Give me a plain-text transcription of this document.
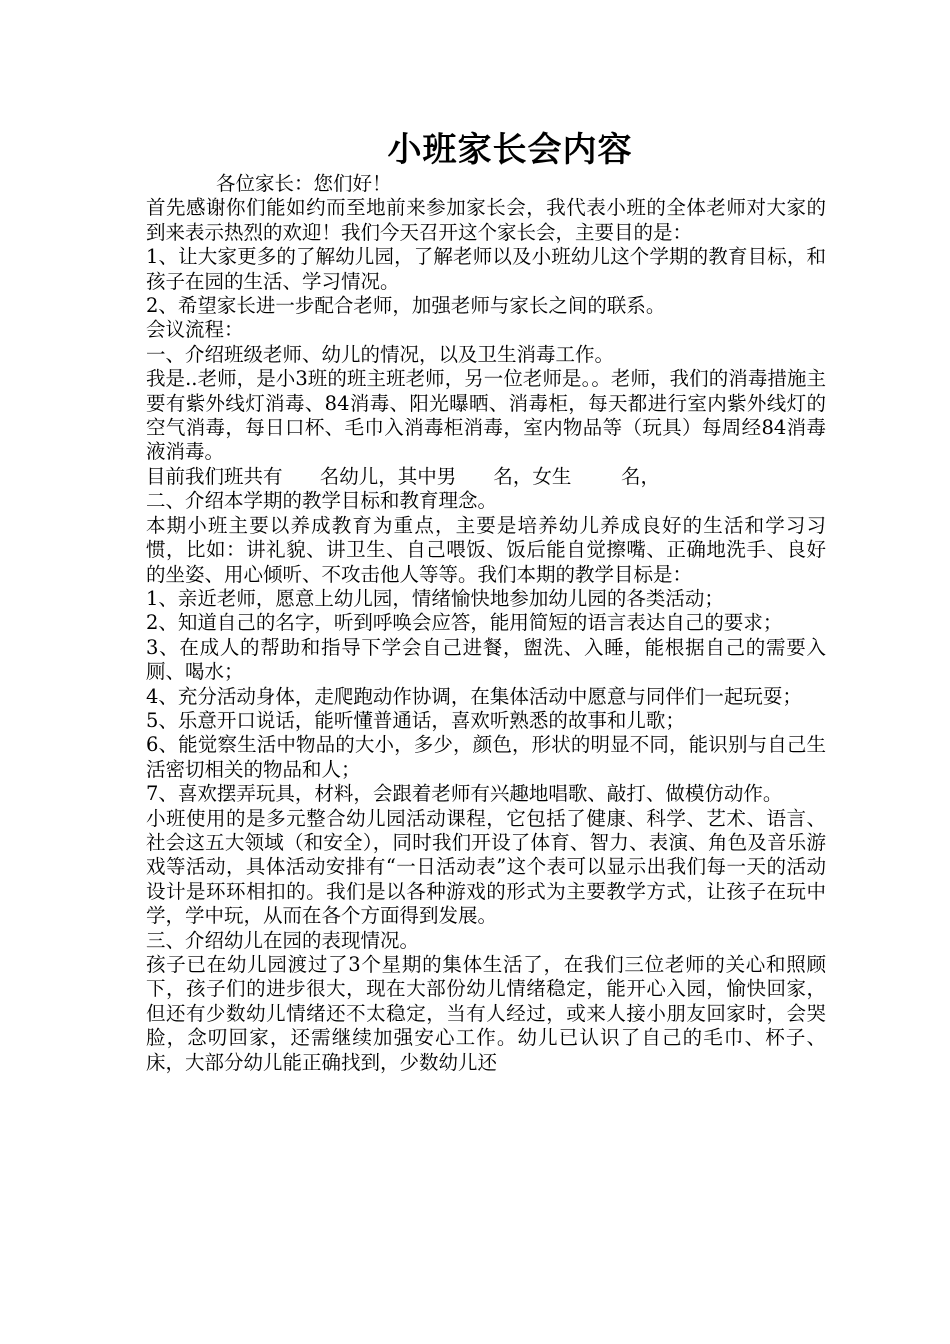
小班家长会内容
各位家长：您们好！
首先感谢你们能如约而至地前来参加家长会，我代表小班的全体老师对大家的到来表示热烈的欢迎！我们今天召开这个家长会，主要目的是：
1、让大家更多的了解幼儿园，了解老师以及小班幼儿这个学期的教育目标，和孩子在园的生活、学习情况。
2、希望家长进一步配合老师，加强老师与家长之间的联系。
会议流程：
一、介绍班级老师、幼儿的情况，以及卫生消毒工作。
我是..老师，是小3班的班主班老师，另一位老师是。。老师，我们的消毒措施主要有紫外线灯消毒、84消毒、阳光曝晒、消毒柜，每天都进行室内紫外线灯的空气消毒，每日口杯、毛巾入消毒柜消毒，室内物品等（玩具）每周经84消毒液消毒。
目前我们班共有      名幼儿，其中男      名，女生        名，
二、介绍本学期的教学目标和教育理念。
本期小班主要以养成教育为重点，主要是培养幼儿养成良好的生活和学习习惯，比如：讲礼貌、讲卫生、自己喂饭、饭后能自觉擦嘴、正确地洗手、良好的坐姿、用心倾听、不攻击他人等等。我们本期的教学目标是：
1、亲近老师，愿意上幼儿园，情绪愉快地参加幼儿园的各类活动；
2、知道自己的名字，听到呼唤会应答，能用简短的语言表达自己的要求；
3、在成人的帮助和指导下学会自己进餐，盥洗、入睡，能根据自己的需要入厕、喝水；
4、充分活动身体，走爬跑动作协调，在集体活动中愿意与同伴们一起玩耍；
5、乐意开口说话，能听懂普通话，喜欢听熟悉的故事和儿歌；
6、能觉察生活中物品的大小，多少，颜色，形状的明显不同，能识别与自己生活密切相关的物品和人；
7、喜欢摆弄玩具，材料，会跟着老师有兴趣地唱歌、敲打、做模仿动作。
小班使用的是多元整合幼儿园活动课程，它包括了健康、科学、艺术、语言、社会这五大领域（和安全），同时我们开设了体育、智力、表演、角色及音乐游戏等活动，具体活动安排有“一日活动表”这个表可以显示出我们每一天的活动设计是环环相扣的。我们是以各种游戏的形式为主要教学方式，让孩子在玩中学，学中玩，从而在各个方面得到发展。
三、介绍幼儿在园的表现情况。
孩子已在幼儿园渡过了3个星期的集体生活了，在我们三位老师的关心和照顾下，孩子们的进步很大，现在大部份幼儿情绪稳定，能开心入园，愉快回家，但还有少数幼儿情绪还不太稳定，当有人经过，或来人接小朋友回家时，会哭脸，念叨回家，还需继续加强安心工作。幼儿已认识了自己的毛巾、杯子、床，大部分幼儿能正确找到，少数幼儿还
